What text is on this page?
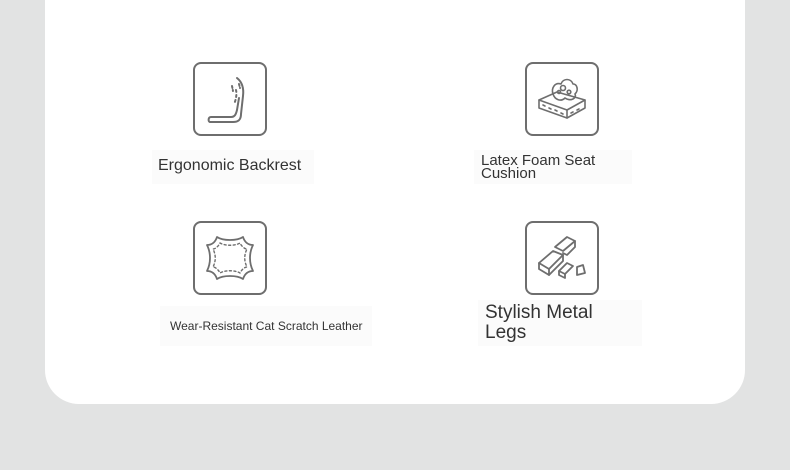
Ergonomic Backrest	Latex Foam Seat Cushion

Wear-Resistant Cat Scratch Leather

Stylish Metal Legs
